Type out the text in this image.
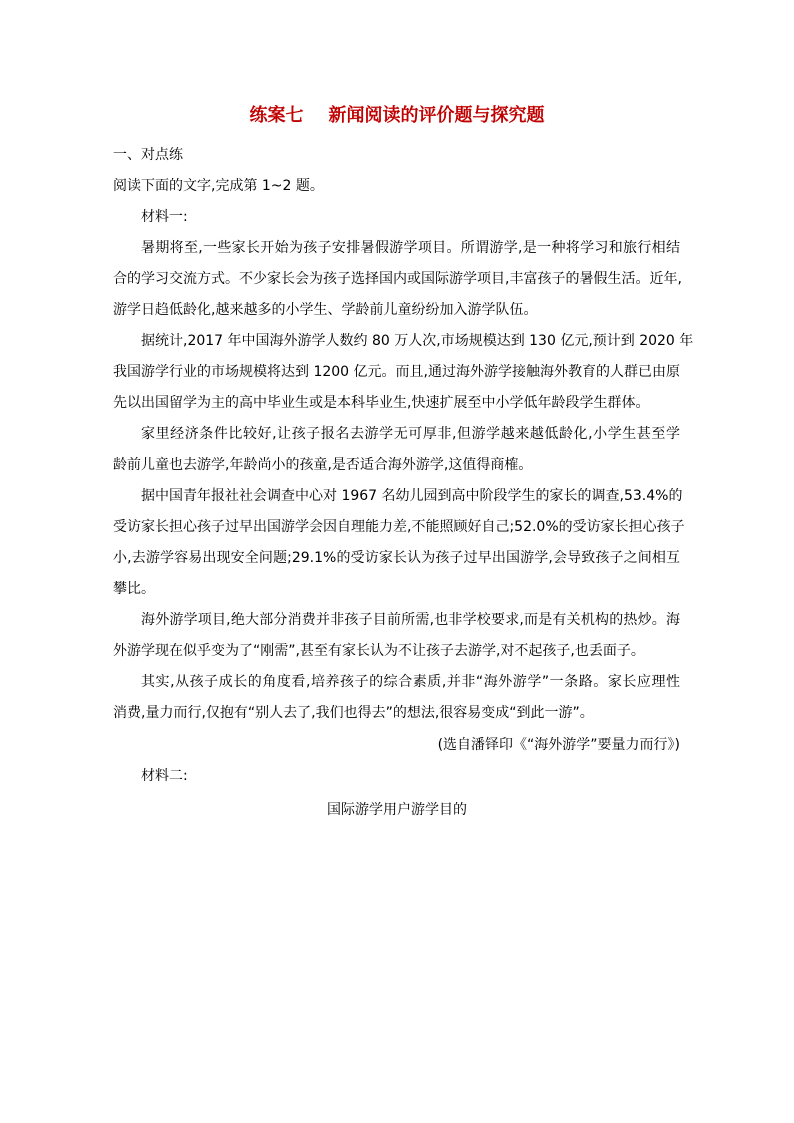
练案七    新闻阅读的评价题与探究题
一、对点练
阅读下面的文字,完成第 1~2 题。
材料一:
暑期将至,一些家长开始为孩子安排暑假游学项目。所谓游学,是一种将学习和旅行相结
合的学习交流方式。不少家长会为孩子选择国内或国际游学项目,丰富孩子的暑假生活。近年,
游学日趋低龄化,越来越多的小学生、学龄前儿童纷纷加入游学队伍。
据统计,2017 年中国海外游学人数约 80 万人次,市场规模达到 130 亿元,预计到 2020 年
我国游学行业的市场规模将达到 1200 亿元。而且,通过海外游学接触海外教育的人群已由原
先以出国留学为主的高中毕业生或是本科毕业生,快速扩展至中小学低年龄段学生群体。
家里经济条件比较好,让孩子报名去游学无可厚非,但游学越来越低龄化,小学生甚至学
龄前儿童也去游学,年龄尚小的孩童,是否适合海外游学,这值得商榷。
据中国青年报社社会调查中心对 1967 名幼儿园到高中阶段学生的家长的调查,53.4%的
受访家长担心孩子过早出国游学会因自理能力差,不能照顾好自己;52.0%的受访家长担心孩子
小,去游学容易出现安全问题;29.1%的受访家长认为孩子过早出国游学,会导致孩子之间相互
攀比。
海外游学项目,绝大部分消费并非孩子目前所需,也非学校要求,而是有关机构的热炒。海
外游学现在似乎变为了“刚需”,甚至有家长认为不让孩子去游学,对不起孩子,也丢面子。
其实,从孩子成长的角度看,培养孩子的综合素质,并非“海外游学”一条路。家长应理性
消费,量力而行,仅抱有“别人去了,我们也得去”的想法,很容易变成“到此一游”。
(选自潘铎印《“海外游学”要量力而行》)
材料二:
国际游学用户游学目的
